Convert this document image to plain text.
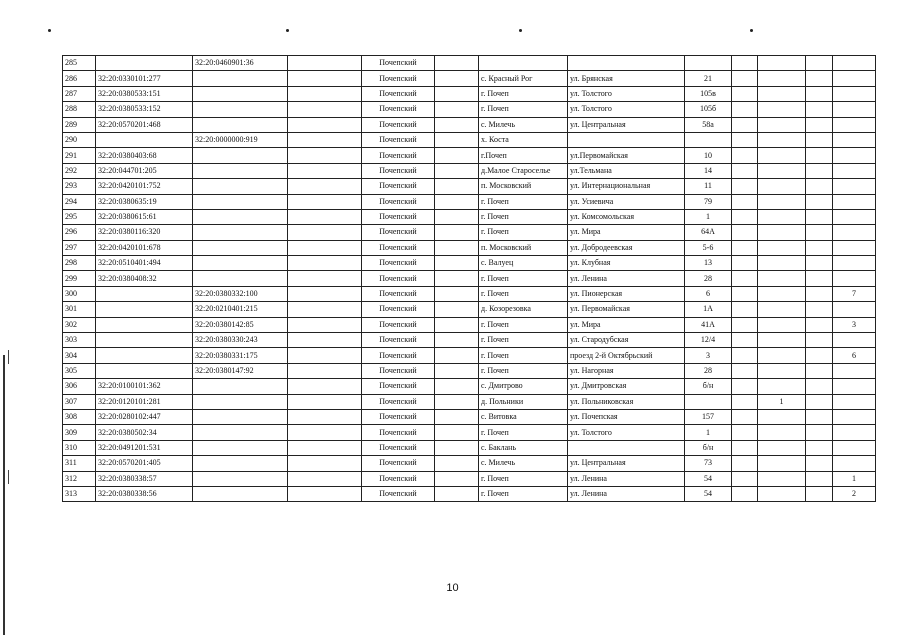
285		32:20:0460901:36		Почепский								
286	32:20:0330101:277			Почепский		с. Красный Рог	ул. Брянская	21				
287	32:20:0380533:151			Почепский		г. Почеп	ул. Толстого	105в				
288	32:20:0380533:152			Почепский		г. Почеп	ул. Толстого	105б				
289	32:20:0570201:468			Почепский		с. Милечь	ул. Центральная	58а				
290		32:20:0000000:919		Почепский		х. Коста						
291	32:20:0380403:68			Почепский		г.Почеп	ул.Первомайская	10				
292	32:20:044701:205			Почепский		д.Малое Староселье	ул.Тельмана	14				
293	32:20:0420101:752			Почепский		п. Московский	ул. Интернациональная	11				
294	32:20:0380635:19			Почепский		г. Почеп	ул. Усиевича	79				
295	32:20:0380615:61			Почепский		г. Почеп	ул. Комсомольская	1				
296	32:20:0380116:320			Почепский		г. Почеп	ул. Мира	64А				
297	32:20:0420101:678			Почепский		п. Московский	ул. Добродеевская	5-6				
298	32:20:0510401:494			Почепский		с. Валуец	ул. Клубная	13				
299	32:20:0380408:32			Почепский		г. Почеп	ул. Ленина	28				
300		32:20:0380332:100		Почепский		г. Почеп	ул. Пионерская	6				7
301		32:20:0210401:215		Почепский		д. Козорезовка	ул. Первомайская	1А				
302		32:20:0380142:85		Почепский		г. Почеп	ул. Мира	41А				3
303		32:20:0380330:243		Почепский		г. Почеп	ул. Стародубская	12/4				
304		32:20:0380331:175		Почепский		г. Почеп	проезд 2-й Октябрьский	3				6
305		32:20:0380147:92		Почепский		г. Почеп	ул. Нагорная	28				
306	32:20:0100101:362			Почепский		с. Дмитрово	ул. Дмитровская	б/н				
307	32:20:0120101:281			Почепский		д. Польники	ул. Польниковская			1		
308	32:20:0280102:447			Почепский		с. Витовка	ул. Почепская	157				
309	32:20:0380502:34			Почепский		г. Почеп	ул. Толстого	1				
310	32:20:0491201:531			Почепский		с. Баклань		б/н				
311	32:20:0570201:405			Почепский		с. Милечь	ул. Центральная	73				
312	32:20:0380338:57			Почепский		г. Почеп	ул. Ленина	54				1
313	32:20:0380338:56			Почепский		г. Почеп	ул. Ленина	54				2
10
